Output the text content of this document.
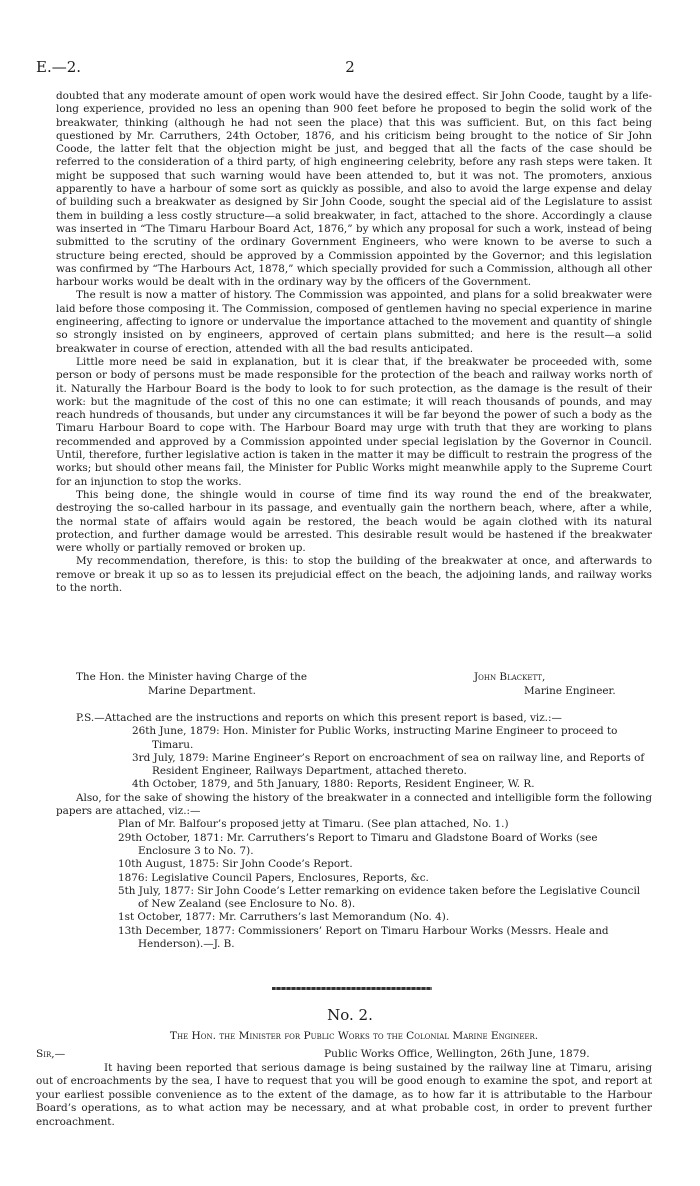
E.—2.	2

doubted that any moderate amount of open work would have the desired effect. Sir John Coode, taught by a life-long experience, provided no less an opening than 900 feet before he proposed to begin the solid work of the breakwater, thinking (although he had not seen the place) that this was sufficient. But, on this fact being questioned by Mr. Carruthers, 24th October, 1876, and his criticism being brought to the notice of Sir John Coode, the latter felt that the objection might be just, and begged that all the facts of the case should be referred to the consideration of a third party, of high engineering celebrity, before any rash steps were taken. It might be supposed that such warning would have been attended to, but it was not. The promoters, anxious apparently to have a harbour of some sort as quickly as possible, and also to avoid the large expense and delay of building such a breakwater as designed by Sir John Coode, sought the special aid of the Legislature to assist them in building a less costly structure—a solid breakwater, in fact, attached to the shore. Accordingly a clause was inserted in “The Timaru Harbour Board Act, 1876,” by which any proposal for such a work, instead of being submitted to the scrutiny of the ordinary Government Engineers, who were known to be averse to such a structure being erected, should be approved by a Commission appointed by the Governor; and this legislation was confirmed by “The Harbours Act, 1878,” which specially provided for such a Commission, although all other harbour works would be dealt with in the ordinary way by the officers of the Government.

The result is now a matter of history. The Commission was appointed, and plans for a solid breakwater were laid before those composing it. The Commission, composed of gentlemen having no special experience in marine engineering, affecting to ignore or undervalue the importance attached to the movement and quantity of shingle so strongly insisted on by engineers, approved of certain plans submitted; and here is the result—a solid breakwater in course of erection, attended with all the bad results anticipated.

Little more need be said in explanation, but it is clear that, if the breakwater be proceeded with, some person or body of persons must be made responsible for the protection of the beach and railway works north of it. Naturally the Harbour Board is the body to look to for such protection, as the damage is the result of their work: but the magnitude of the cost of this no one can estimate; it will reach thousands of pounds, and may reach hundreds of thousands, but under any circumstances it will be far beyond the power of such a body as the Timaru Harbour Board to cope with. The Harbour Board may urge with truth that they are working to plans recommended and approved by a Commission appointed under special legislation by the Governor in Council. Until, therefore, further legislative action is taken in the matter it may be difficult to restrain the progress of the works; but should other means fail, the Minister for Public Works might meanwhile apply to the Supreme Court for an injunction to stop the works.

This being done, the shingle would in course of time find its way round the end of the breakwater, destroying the so-called harbour in its passage, and eventually gain the northern beach, where, after a while, the normal state of affairs would again be restored, the beach would be again clothed with its natural protection, and further damage would be arrested. This desirable result would be hastened if the breakwater were wholly or partially removed or broken up.

My recommendation, therefore, is this: to stop the building of the breakwater at once, and afterwards to remove or break it up so as to lessen its prejudicial effect on the beach, the adjoining lands, and railway works to the north.

The Hon. the Minister having Charge of the	John Blackett,
Marine Department.	Marine Engineer.

P.S.—Attached are the instructions and reports on which this present report is based, viz.:—

26th June, 1879: Hon. Minister for Public Works, instructing Marine Engineer to proceed to Timaru.

3rd July, 1879: Marine Engineer’s Report on encroachment of sea on railway line, and Reports of Resident Engineer, Railways Department, attached thereto.

4th October, 1879, and 5th January, 1880: Reports, Resident Engineer, W. R.

Also, for the sake of showing the history of the breakwater in a connected and intelligible form the following papers are attached, viz.:—

Plan of Mr. Balfour’s proposed jetty at Timaru. (See plan attached, No. 1.)

29th October, 1871: Mr. Carruthers’s Report to Timaru and Gladstone Board of Works (see Enclosure 3 to No. 7).

10th August, 1875: Sir John Coode’s Report.

1876: Legislative Council Papers, Enclosures, Reports, &c.

5th July, 1877: Sir John Coode’s Letter remarking on evidence taken before the Legislative Council of New Zealand (see Enclosure to No. 8).

1st October, 1877: Mr. Carruthers’s last Memorandum (No. 4).

13th December, 1877: Commissioners’ Report on Timaru Harbour Works (Messrs. Heale and Henderson).—J. B.

No. 2.
The Hon. the Minister for Public Works to the Colonial Marine Engineer.
Sir,—	Public Works Office, Wellington, 26th June, 1879.

It having been reported that serious damage is being sustained by the railway line at Timaru, arising out of encroachments by the sea, I have to request that you will be good enough to examine the spot, and report at your earliest possible convenience as to the extent of the damage, as to how far it is attributable to the Harbour Board’s operations, as to what action may be necessary, and at what probable cost, in order to prevent further encroachment.
